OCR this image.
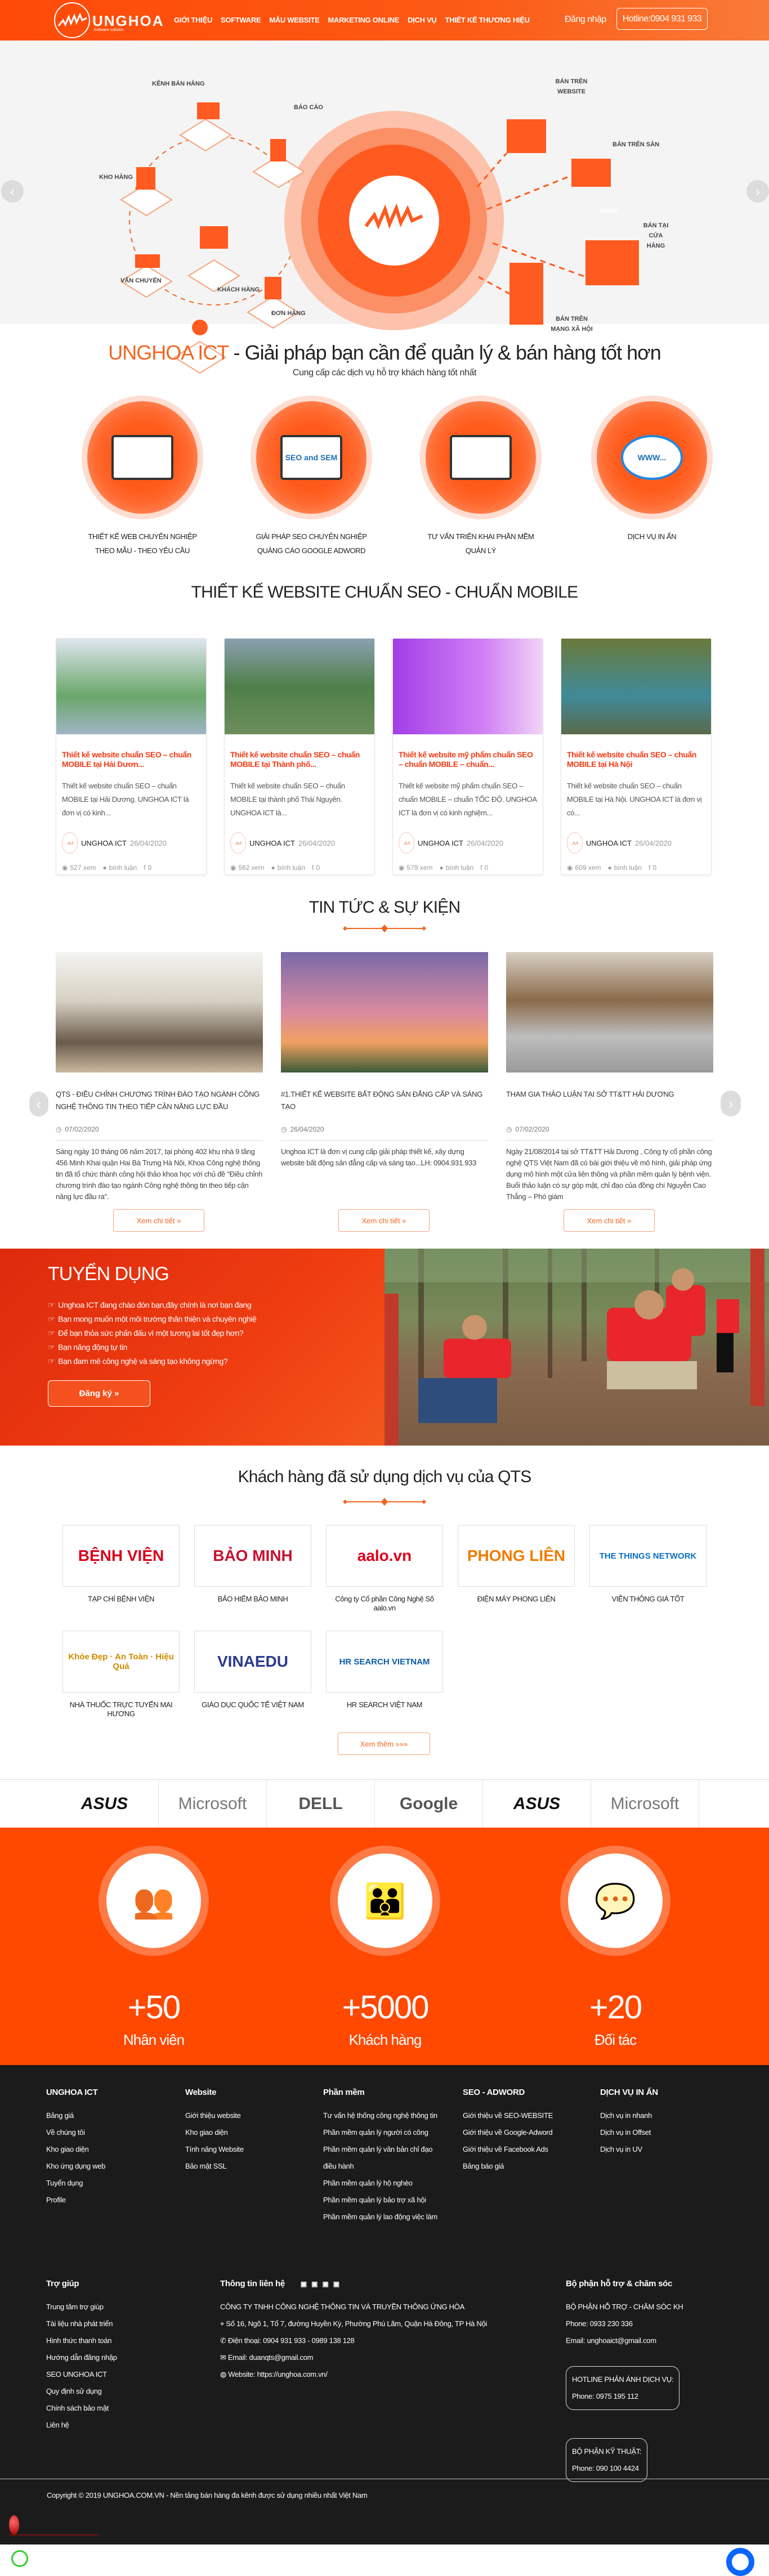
UNGHOA
Software solution
GIỚI THIỆU SOFTWARE MẪU WEBSITE MARKETING ONLINE DỊCH VỤ THIẾT KẾ THƯƠNG HIỆU	Đăng nhập	Hotline:0904 931 933
KÊNH BÁN HÀNG
BÁO CÁO
KHO HÀNG
VẬN CHUYỂN
ĐƠN HÀNG
KHÁCH HÀNG
BÁN TRÊN WEBSITE
BÁN TRÊN SÀN
BÁN TẠI CỬA HÀNG
BÁN TRÊN MẠNG XÃ HỘI
SHOP
‹	›
UNGHOA ICT - Giải pháp bạn cần để quản lý & bán hàng tốt hơn
Cung cấp các dịch vụ hỗ trợ khách hàng tốt nhất
THIẾT KẾ WEB CHUYÊN NGHIỆP
THEO MẪU - THEO YÊU CẦU
SEO and SEM
GIẢI PHÁP SEO CHUYÊN NGHIỆP
QUẢNG CÁO GOOGLE ADWORD
TƯ VẤN TRIỂN KHAI PHẦN MỀM
QUẢN LÝ
WWW...
DỊCH VỤ IN ẤN
THIẾT KẾ WEBSITE CHUẨN SEO - CHUẨN MOBILE
Thiết kế website chuẩn SEO – chuẩn MOBILE tại Hải Dươn...
Thiết kế website chuẩn SEO – chuẩn MOBILE tại Hải Dương. UNGHOA ICT là đơn vị có kinh...
⩘⩘	UNGHOA ICT 26/04/2020
◉ 527 xem ● bình luận f 0
Thiết kế website chuẩn SEO – chuẩn MOBILE tại Thành phố...
Thiết kế website chuẩn SEO – chuẩn MOBILE tại thành phố Thái Nguyên. UNGHOA ICT là...
⩘⩘	UNGHOA ICT 26/04/2020
◉ 562 xem ● bình luận f 0
Thiết kế website mỹ phẩm chuẩn SEO – chuẩn MOBILE – chuẩn...
Thiết kế website mỹ phẩm chuẩn SEO – chuẩn MOBILE – chuẩn TỐC ĐỘ. UNGHOA ICT là đơn vị có kinh nghiệm...
⩘⩘	UNGHOA ICT 26/04/2020
◉ 579 xem ● bình luận f 0
Thiết kế website chuẩn SEO – chuẩn MOBILE tại Hà Nội
Thiết kế website chuẩn SEO – chuẩn MOBILE tại Hà Nội. UNGHOA ICT là đơn vị có...
⩘⩘	UNGHOA ICT 26/04/2020
◉ 609 xem ● bình luận f 0
TIN TỨC & SỰ KIỆN
QTS - ĐIỀU CHỈNH CHƯƠNG TRÌNH ĐÀO TẠO NGÀNH CÔNG NGHỆ THÔNG TIN THEO TIẾP CẬN NĂNG LỰC ĐẦU
◷ 07/02/2020
Sáng ngày 10 tháng 06 năm 2017, tại phòng 402 khu nhà 9 tầng 456 Minh Khai quận Hai Bà Trưng Hà Nội, Khoa Công nghệ thông tin đã tổ chức thành công hội thảo khoa học với chủ đề "Điều chỉnh chương trình đào tạo ngành Công nghệ thông tin theo tiếp cận năng lực đầu ra".
Xem chi tiết »
#1.THIẾT KẾ WEBSITE BẤT ĐỘNG SẢN ĐẲNG CẤP VÀ SÁNG TẠO
◷ 26/04/2020
Unghoa ICT là đơn vị cung cấp giải pháp thiết kế, xây dựng website bất động sản đẳng cấp và sáng tạo...LH: 0904.931.933
Xem chi tiết »
THAM GIA THẢO LUẬN TẠI SỞ TT&TT HẢI DƯƠNG
◷ 07/02/2020
Ngày 21/08/2014 tại sở TT&TT Hải Dương , Công ty cổ phần công nghệ QTS Việt Nam đã có bài giới thiệu về mô hình, giải pháp ứng dụng mô hình một cửa liên thông và phần mềm quản lý bệnh viện. Buổi thảo luận có sự góp mặt, chỉ đạo của đồng chí Nguyễn Cao Thắng – Phó giám
Xem chi tiết »
‹	›
TUYỂN DỤNG
☞ Unghoa ICT đang chào đón bạn,đây chính là nơi bạn đang
☞ Bạn mong muốn một môi trường thân thiện và chuyên nghiệ
☞ Để bạn thỏa sức phấn đấu vì một tương lai tốt đẹp hơn?
☞ Bạn năng động tự tin
☞ Bạn đam mê công nghệ và sáng tạo không ngừng?
Đăng ký »
Khách hàng đã sử dụng dịch vụ của QTS
BỆNH VIỆN
TẠP CHÍ BỆNH VIỆN
BẢO MINH
BẢO HIỂM BẢO MINH
aalo.vn
Công ty Cổ phần Công Nghệ Số aalo.vn
PHONG LIÊN
ĐIỆN MÁY PHONG LIÊN
THE THINGS NETWORK
VIỄN THÔNG GIÁ TỐT
Khỏe Đẹp · An Toàn · Hiệu Quả
NHÀ THUỐC TRỰC TUYẾN MAI HƯƠNG
VINAEDU
GIÁO DỤC QUỐC TẾ VIỆT NAM
HR SEARCH VIETNAM
HR SEARCH VIỆT NAM
Xem thêm »»»
ASUS	Microsoft	DELL	Google	ASUS	Microsoft
👥
+50
Nhân viên
👪
+5000
Khách hàng
💬
+20
Đối tác
Trợ giúp
Trung tâm trợ giúp
Tài liệu nhà phát triển
Hình thức thanh toán
Hướng dẫn đăng nhập
SEO UNGHOA ICT
Quy định sử dụng
Chính sách bảo mật
Liên hệ
Thông tin liên hệ ▣▣▣▣
CÔNG TY TNHH CÔNG NGHỆ THÔNG TIN VÀ TRUYỀN THÔNG ỨNG HÒA
⌖ Số 16, Ngõ 1, Tổ 7, đường Huyền Kỳ, Phường Phú Lãm, Quận Hà Đông, TP Hà Nội
✆ Điện thoại: 0904 931 933 - 0989 138 128
✉ Email: duanqts@gmail.com
◍ Website: https://unghoa.com.vn/
Bộ phận hỗ trợ & chăm sóc
BỘ PHẬN HỖ TRỢ - CHĂM SÓC KH
Phone: 0933 230 336
Email: unghoaict@gmail.com
HOTLINE PHẢN ÁNH DỊCH VỤ:
Phone: 0975 195 112

BỘ PHẬN KỸ THUẬT:
Phone: 090 100 4424
UNGHOA ICT
Bảng giá
Về chúng tôi
Kho giao diện
Kho ứng dụng web
Tuyển dụng
Profile
Website
Giới thiệu website
Kho giao diện
Tính năng Website
Bảo mật SSL
Phần mềm
Tư vấn hệ thống công nghệ thông tin
Phần mềm quản lý người có công
Phần mềm quản lý văn bản chỉ đạo điều hành
Phần mềm quản lý hộ nghèo
Phần mềm quản lý bảo trợ xã hội
Phần mềm quản lý lao động việc làm
SEO - ADWORD
Giới thiệu về SEO-WEBSITE
Giới thiệu về Google-Adword
Giới thiệu về Facebook Ads
Bảng báo giá
DỊCH VỤ IN ẤN
Dịch vụ in nhanh
Dịch vụ in Offset
Dịch vụ in UV
Copyright © 2019 UNGHOA.COM.VN - Nền tảng bán hàng đa kênh được sử dụng nhiều nhất Việt Nam
